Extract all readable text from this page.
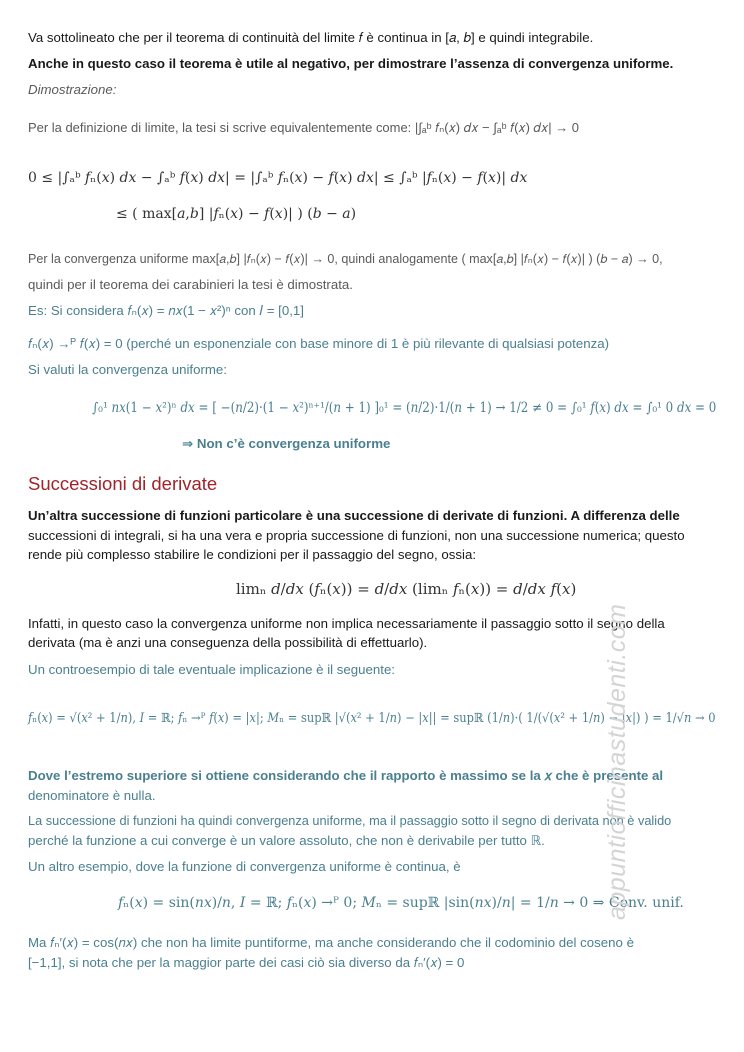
Va sottolineato che per il teorema di continuità del limite 𝑓 è continua in [𝑎, 𝑏] e quindi integrabile.
Anche in questo caso il teorema è utile al negativo, per dimostrare l’assenza di convergenza uniforme.
Dimostrazione:
Per la definizione di limite, la tesi si scrive equivalentemente come: |∫ₐᵇ 𝑓ₙ(𝑥) 𝑑𝑥 − ∫ₐᵇ 𝑓(𝑥) 𝑑𝑥| → 0
0 ≤ |∫ₐᵇ 𝑓ₙ(𝑥) 𝑑𝑥 − ∫ₐᵇ 𝑓(𝑥) 𝑑𝑥| = |∫ₐᵇ 𝑓ₙ(𝑥) − 𝑓(𝑥) 𝑑𝑥| ≤ ∫ₐᵇ |𝑓ₙ(𝑥) − 𝑓(𝑥)| 𝑑𝑥
≤ ( max[𝑎,𝑏] |𝑓ₙ(𝑥) − 𝑓(𝑥)| ) (𝑏 − 𝑎)
Per la convergenza uniforme max[𝑎,𝑏] |𝑓ₙ(𝑥) − 𝑓(𝑥)| → 0, quindi analogamente ( max[𝑎,𝑏] |𝑓ₙ(𝑥) − 𝑓(𝑥)| ) (𝑏 − 𝑎) → 0,
quindi per il teorema dei carabinieri la tesi è dimostrata.
Es: Si considera 𝑓ₙ(𝑥) = 𝑛𝑥(1 − 𝑥²)ⁿ con 𝐼 = [0,1]
𝑓ₙ(𝑥) →ᴾ 𝑓(𝑥) = 0 (perché un esponenziale con base minore di 1 è più rilevante di qualsiasi potenza)
Si valuti la convergenza uniforme:
∫₀¹ 𝑛𝑥(1 − 𝑥²)ⁿ 𝑑𝑥 = [ −(𝑛/2)·(1 − 𝑥²)ⁿ⁺¹/(𝑛 + 1) ]₀¹ = (𝑛/2)·1/(𝑛 + 1) → 1/2 ≠ 0 = ∫₀¹ 𝑓(𝑥) 𝑑𝑥 = ∫₀¹ 0 𝑑𝑥 = 0
⇒ Non c’è convergenza uniforme
Successioni di derivate
Un’altra successione di funzioni particolare è una successione di derivate di funzioni. A differenza delle
successioni di integrali, si ha una vera e propria successione di funzioni, non una successione numerica; questo
rende più complesso stabilire le condizioni per il passaggio del segno, ossia:
limₙ 𝑑/𝑑𝑥 (𝑓ₙ(𝑥)) = 𝑑/𝑑𝑥 (limₙ 𝑓ₙ(𝑥)) = 𝑑/𝑑𝑥 𝑓(𝑥)
Infatti, in questo caso la convergenza uniforme non implica necessariamente il passaggio sotto il segno della
derivata (ma è anzi una conseguenza della possibilità di effettuarlo).
Un controesempio di tale eventuale implicazione è il seguente:
𝑓ₙ(𝑥) = √(𝑥² + 1/𝑛), 𝐼 = ℝ; 𝑓ₙ →ᴾ 𝑓(𝑥) = |𝑥|; 𝑀ₙ = supℝ |√(𝑥² + 1/𝑛) − |𝑥|| = supℝ (1/𝑛)·( 1/(√(𝑥² + 1/𝑛) − |𝑥|) ) = 1/√𝑛 → 0
Dove l’estremo superiore si ottiene considerando che il rapporto è massimo se la 𝑥 che è presente al
denominatore è nulla.
La successione di funzioni ha quindi convergenza uniforme, ma il passaggio sotto il segno di derivata non è valido
perché la funzione a cui converge è un valore assoluto, che non è derivabile per tutto ℝ.
Un altro esempio, dove la funzione di convergenza uniforme è continua, è
𝑓ₙ(𝑥) = sin(𝑛𝑥)/𝑛, 𝐼 = ℝ; 𝑓ₙ(𝑥) →ᴾ 0; 𝑀ₙ = supℝ |sin(𝑛𝑥)/𝑛| = 1/𝑛 → 0 ⇒ Conv. unif.
Ma 𝑓ₙ′(𝑥) = cos(𝑛𝑥) che non ha limite puntiforme, ma anche considerando che il codominio del coseno è
[−1,1], si nota che per la maggior parte dei casi ciò sia diverso da 𝑓ₙ′(𝑥) = 0
appuntiofficinastudenti.com
